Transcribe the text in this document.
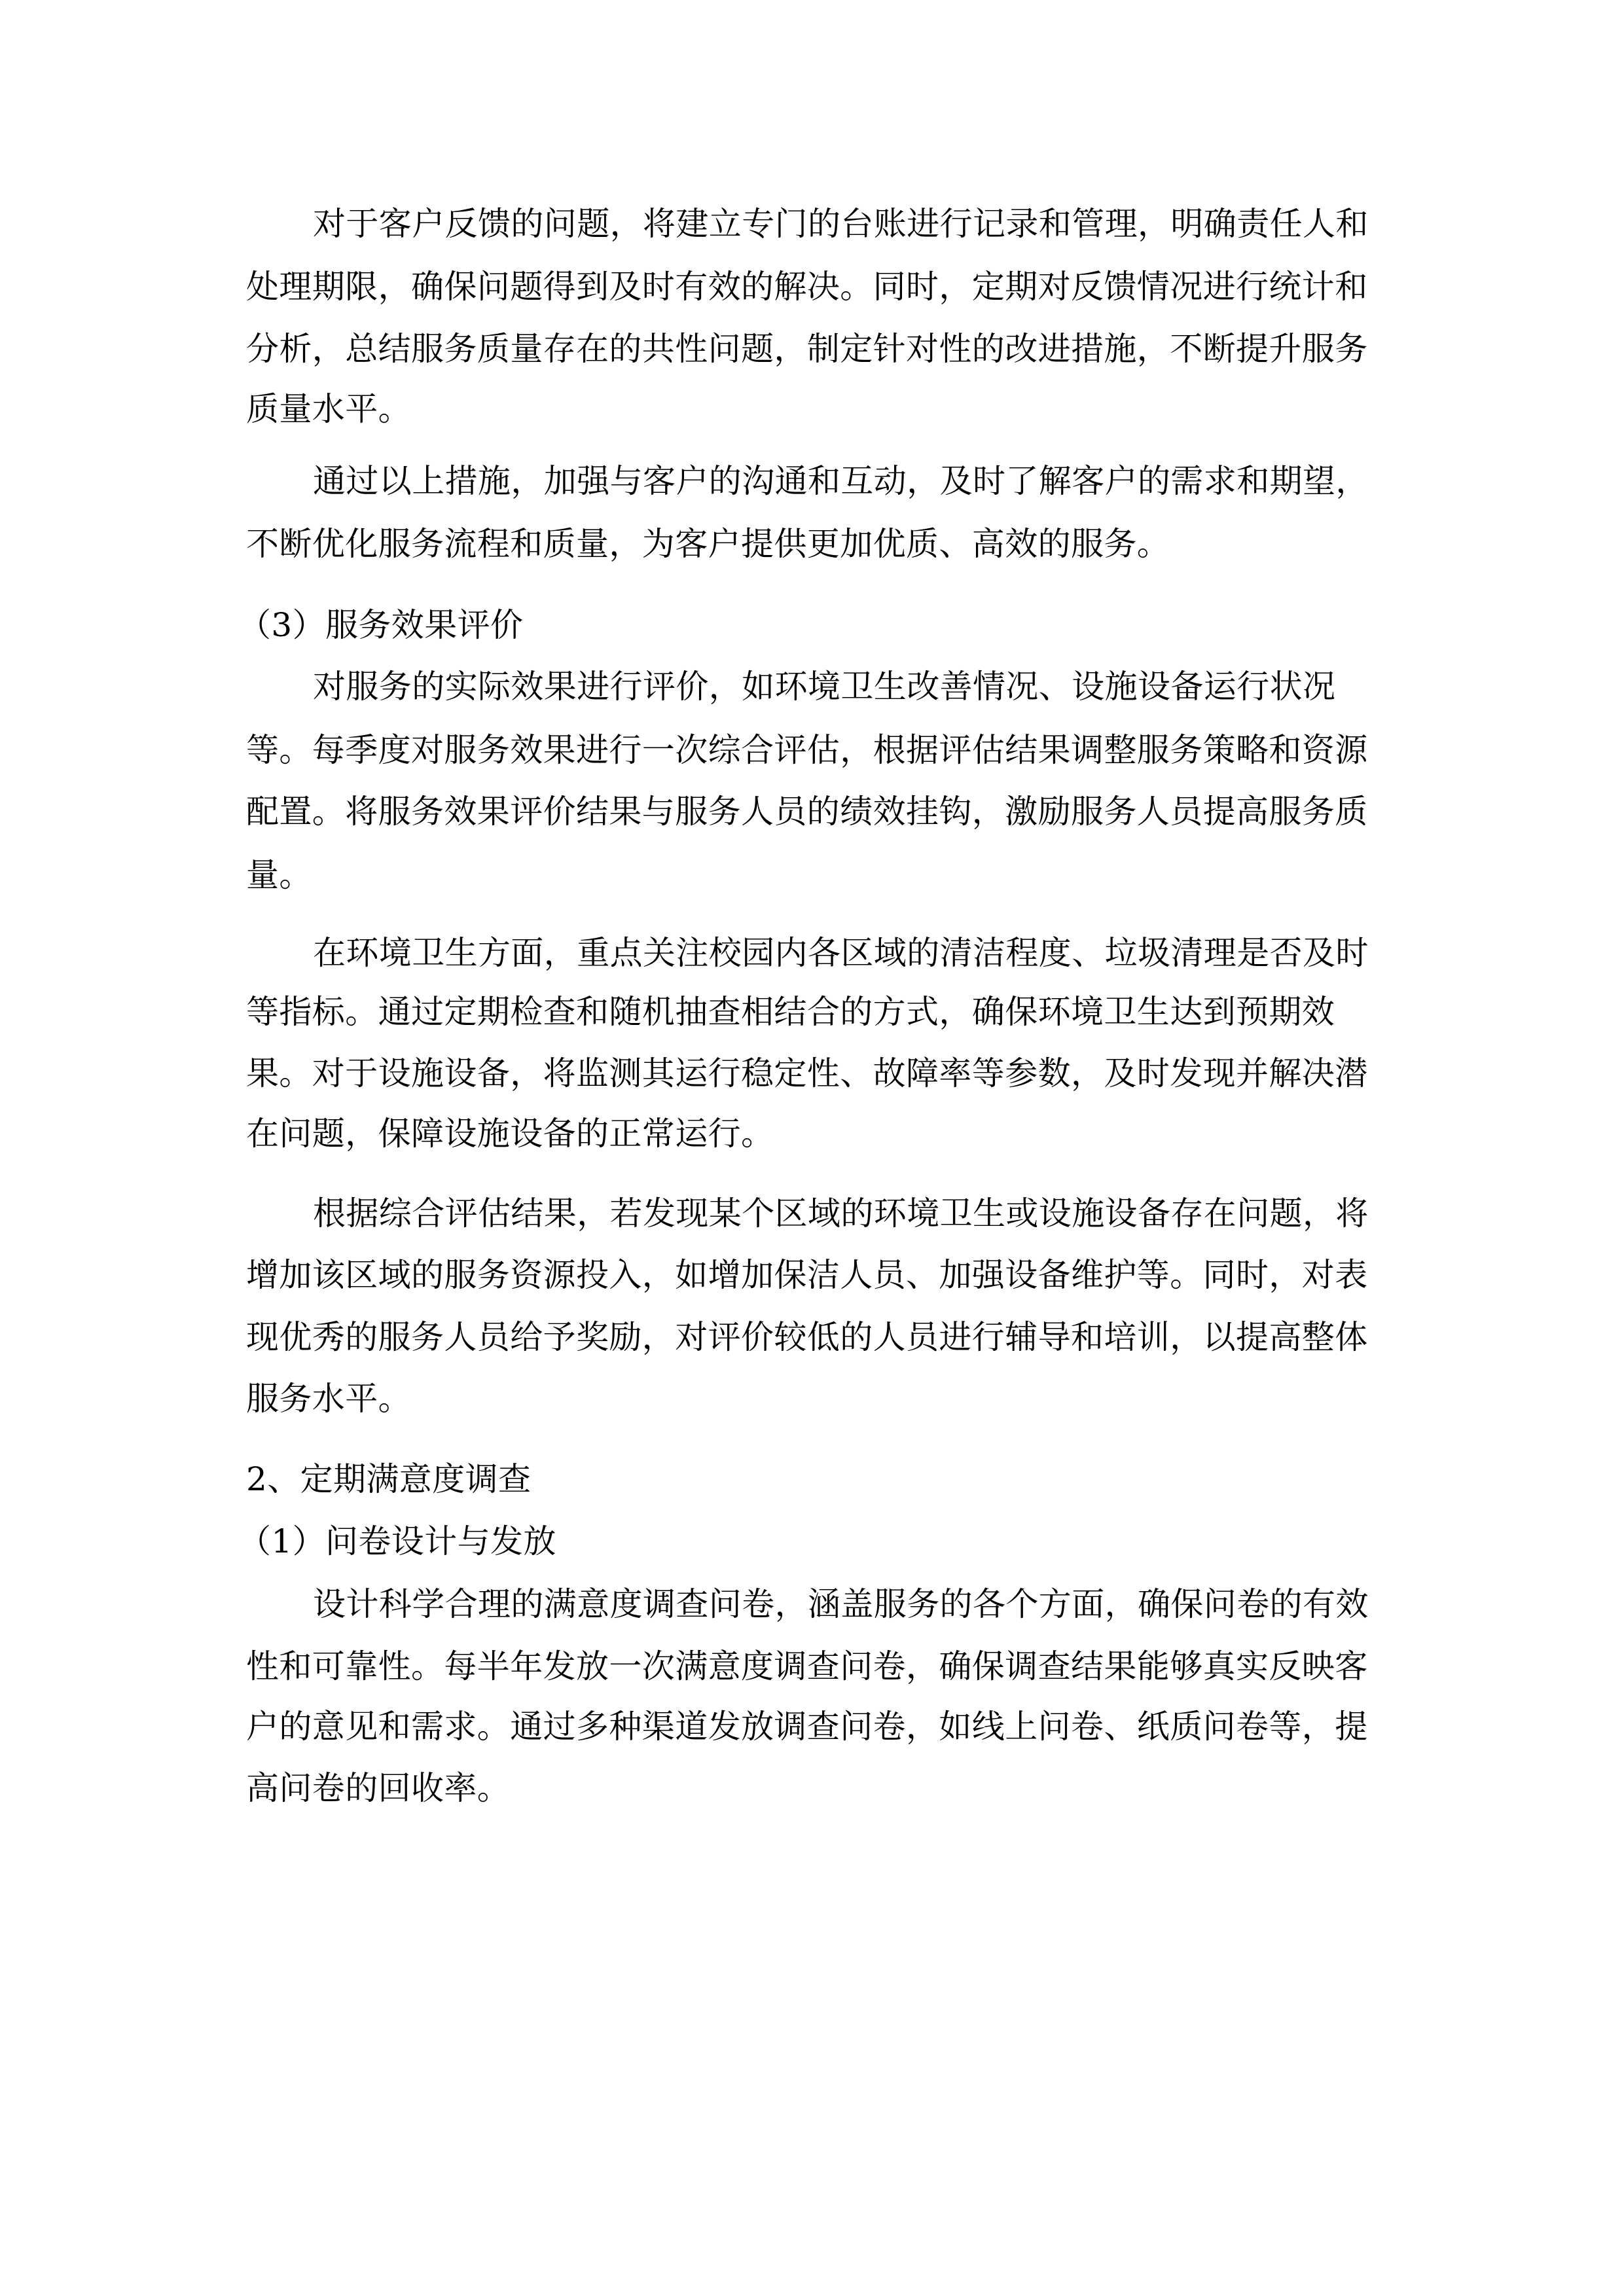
对于客户反馈的问题，将建立专门的台账进行记录和管理，明确责任人和
处理期限，确保问题得到及时有效的解决。同时，定期对反馈情况进行统计和
分析，总结服务质量存在的共性问题，制定针对性的改进措施，不断提升服务
质量水平。
通过以上措施，加强与客户的沟通和互动，及时了解客户的需求和期望，
不断优化服务流程和质量，为客户提供更加优质、高效的服务。
（3）服务效果评价
对服务的实际效果进行评价，如环境卫生改善情况、设施设备运行状况
等。每季度对服务效果进行一次综合评估，根据评估结果调整服务策略和资源
配置。将服务效果评价结果与服务人员的绩效挂钩，激励服务人员提高服务质
量。
在环境卫生方面，重点关注校园内各区域的清洁程度、垃圾清理是否及时
等指标。通过定期检查和随机抽查相结合的方式，确保环境卫生达到预期效
果。对于设施设备，将监测其运行稳定性、故障率等参数，及时发现并解决潜
在问题，保障设施设备的正常运行。
根据综合评估结果，若发现某个区域的环境卫生或设施设备存在问题，将
增加该区域的服务资源投入，如增加保洁人员、加强设备维护等。同时，对表
现优秀的服务人员给予奖励，对评价较低的人员进行辅导和培训，以提高整体
服务水平。
2、定期满意度调查
（1）问卷设计与发放
设计科学合理的满意度调查问卷，涵盖服务的各个方面，确保问卷的有效
性和可靠性。每半年发放一次满意度调查问卷，确保调查结果能够真实反映客
户的意见和需求。通过多种渠道发放调查问卷，如线上问卷、纸质问卷等，提
高问卷的回收率。
